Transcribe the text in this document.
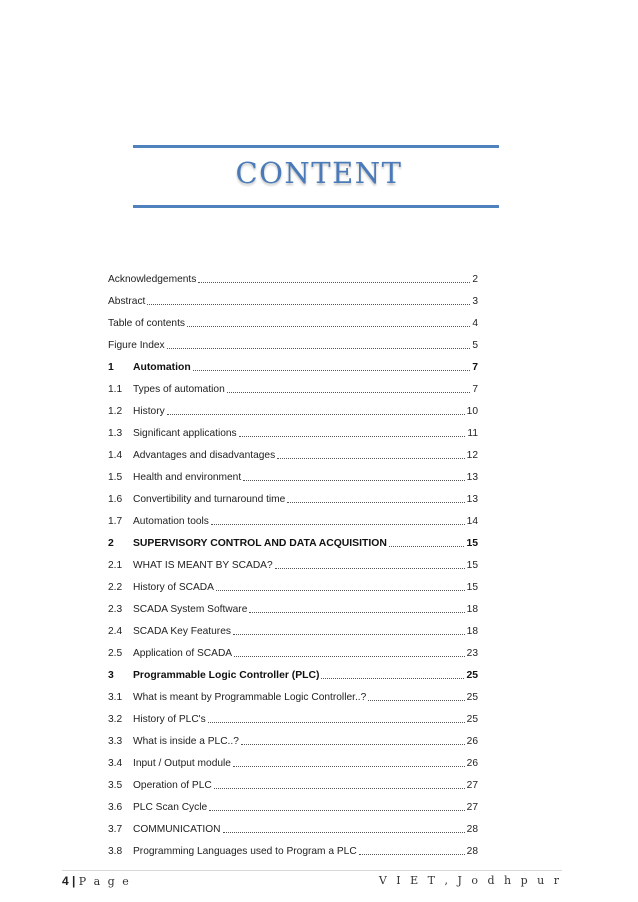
CONTENT
Acknowledgements	2
Abstract	3
Table of contents	4
Figure Index	5
1	Automation	7
1.1	Types of automation	7
1.2	History	10
1.3	Significant applications	11
1.4	Advantages and disadvantages	12
1.5	Health and environment	13
1.6	Convertibility and turnaround time	13
1.7	Automation tools	14
2	SUPERVISORY CONTROL AND DATA ACQUISITION	15
2.1	WHAT IS MEANT BY SCADA?	15
2.2	History of SCADA	15
2.3	SCADA System Software	18
2.4	SCADA Key Features	18
2.5	Application of SCADA	23
3	Programmable Logic Controller (PLC)	25
3.1	What is meant by Programmable Logic Controller..?	25
3.2	History of PLC's	25
3.3	What is inside a PLC..?	26
3.4	Input / Output module	26
3.5	Operation of PLC	27
3.6	PLC Scan Cycle	27
3.7	COMMUNICATION	28
3.8	Programming Languages used to Program a PLC	28
4 | P a g e	V I E T , J o d h p u r
